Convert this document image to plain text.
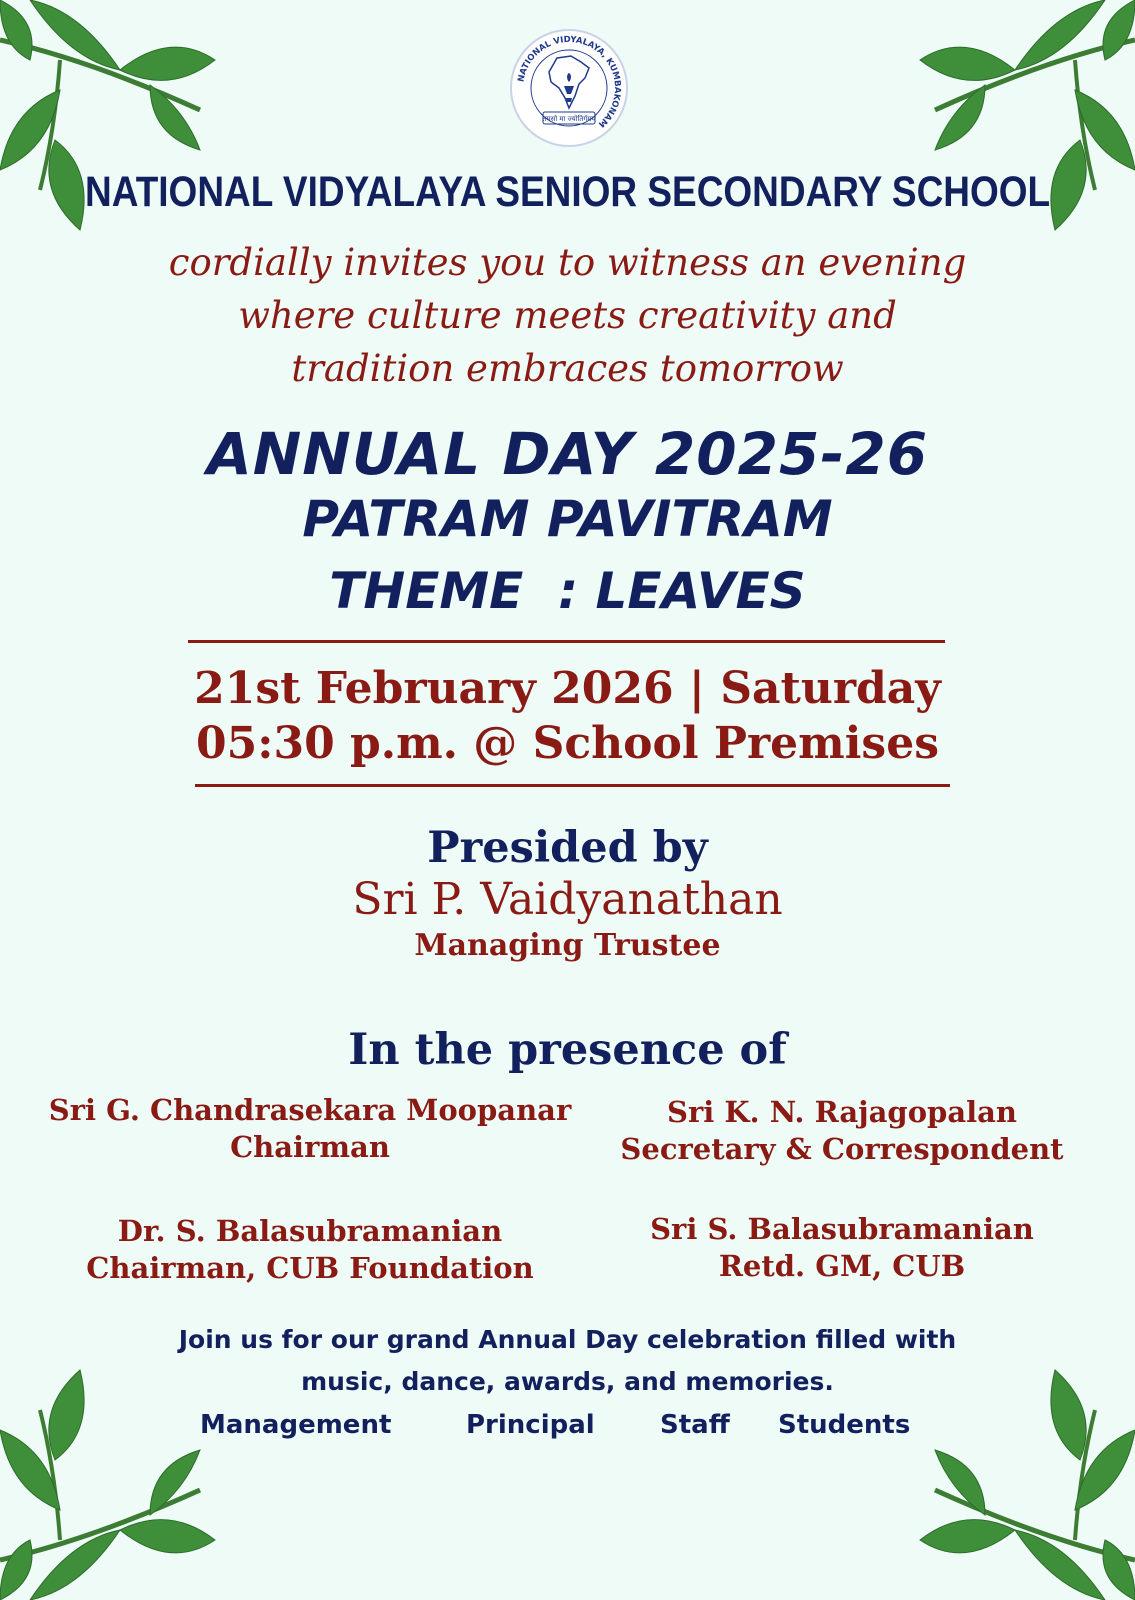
NATIONAL VIDYALAYA, KUMBAKONAM
तमसो मा ज्योतिर्गमय
NATIONAL VIDYALAYA SENIOR SECONDARY SCHOOL

cordially invites you to witness an evening

where culture meets creativity and

tradition embraces tomorrow

ANNUAL DAY 2025-26
PATRAM PAVITRAM
THEME  : LEAVES

21st February 2026 | Saturday

05:30 p.m. @ School Premises

Presided by

Sri P. Vaidyanathan

Managing Trustee

In the presence of

Sri G. Chandrasekara Moopanar
Chairman
Sri K. N. Rajagopalan
Secretary & Correspondent
Dr. S. Balasubramanian
Chairman, CUB Foundation
Sri S. Balasubramanian
Retd. GM, CUB

Join us for our grand Annual Day celebration filled with

music, dance, awards, and memories.

Management	Principal	Staff Students
